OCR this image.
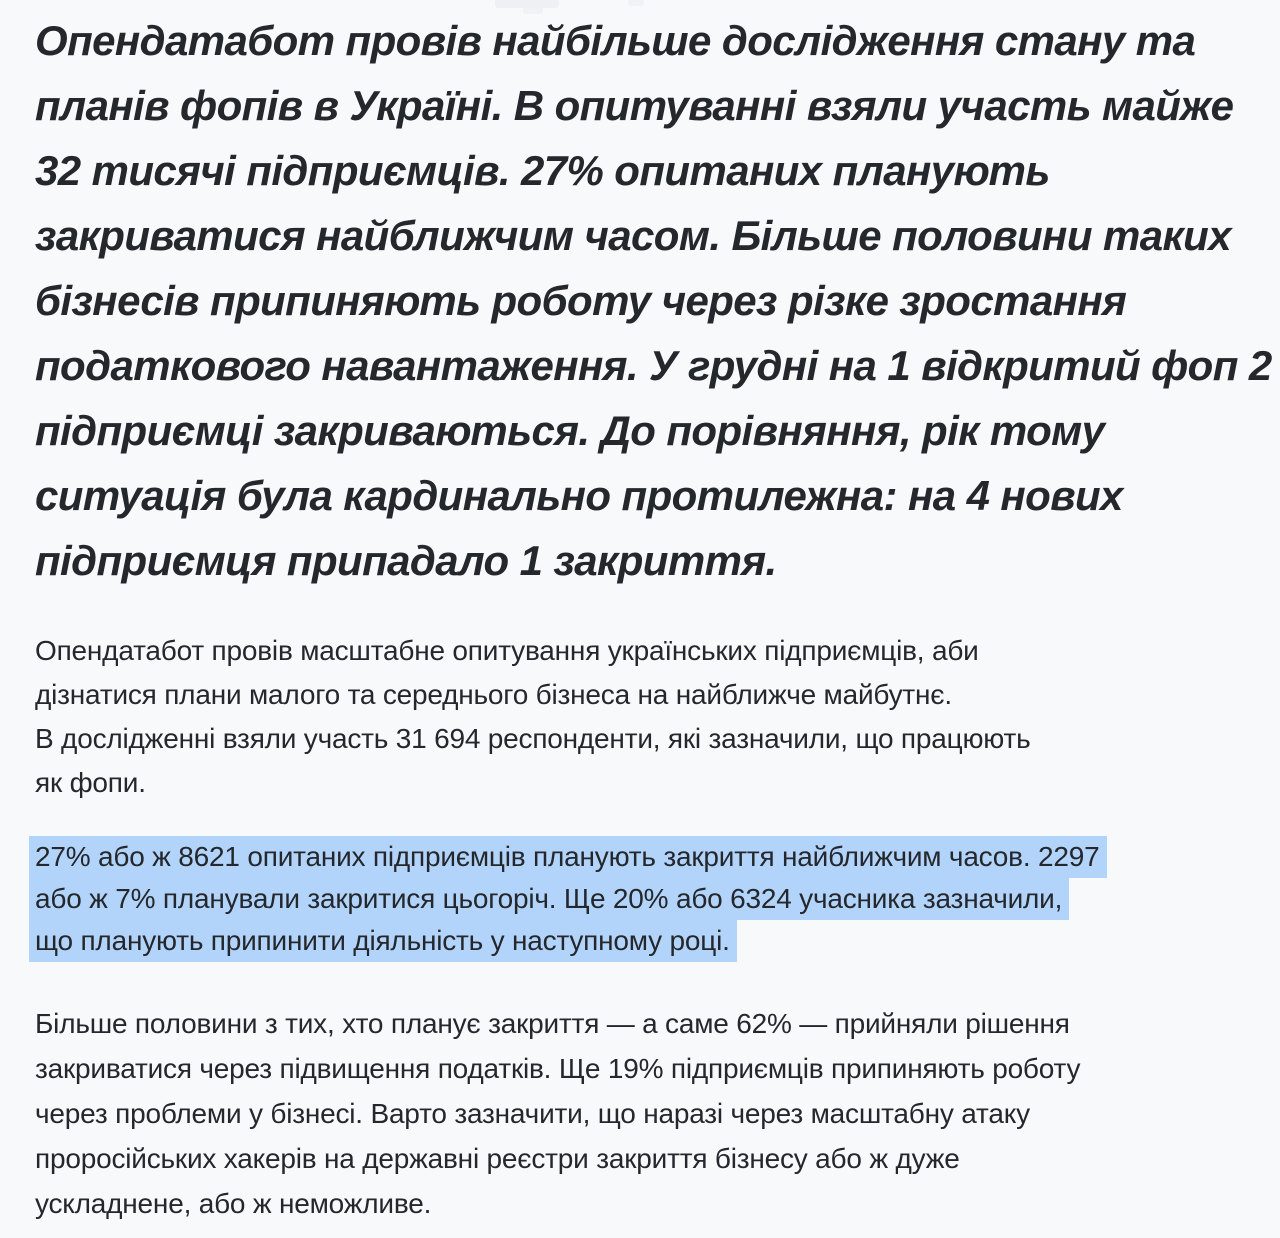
Опендатабот провів найбільше дослідження стану та
планів фопів в Україні. В опитуванні взяли участь майже
32 тисячі підприємців. 27% опитаних планують
закриватися найближчим часом. Більше половини таких
бізнесів припиняють роботу через різке зростання
податкового навантаження. У грудні на 1 відкритий фоп 2
підприємці закриваються. До порівняння, рік тому
ситуація була кардинально протилежна: на 4 нових
підприємця припадало 1 закриття.
Опендатабот провів масштабне опитування українських підприємців, аби
дізнатися плани малого та середнього бізнеса на найближче майбутнє.
В дослідженні взяли участь 31 694 респонденти, які зазначили, що працюють
як фопи.
27% або ж 8621 опитаних підприємців планують закриття найближчим часов. 2297
або ж 7% планували закритися цьогоріч. Ще 20% або 6324 учасника зазначили,
що планують припинити діяльність у наступному році.
Більше половини з тих, хто планує закриття — а саме 62% — прийняли рішення
закриватися через підвищення податків. Ще 19% підприємців припиняють роботу
через проблеми у бізнесі. Варто зазначити, що наразі через масштабну атаку
проросійських хакерів на державні реєстри закриття бізнесу або ж дуже
ускладнене, або ж неможливе.
